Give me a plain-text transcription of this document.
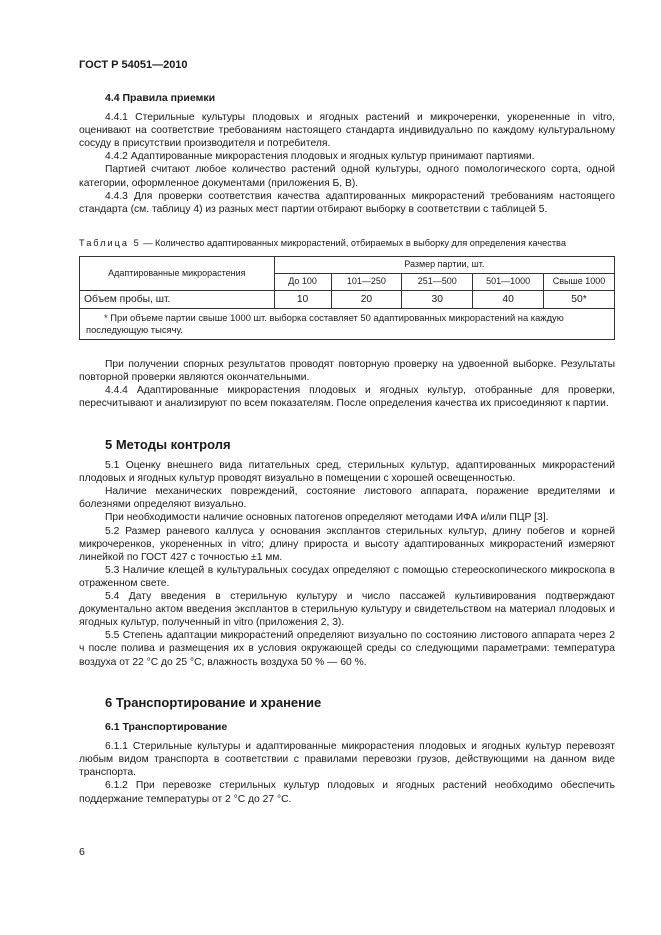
ГОСТ Р 54051—2010

4.4 Правила приемки

4.4.1 Стерильные культуры плодовых и ягодных растений и микрочеренки, укорененные in vitro, оценивают на соответствие требованиям настоящего стандарта индивидуально по каждому культуральному сосуду в присутствии производителя и потребителя.

4.4.2 Адаптированные микрорастения плодовых и ягодных культур принимают партиями.

Партией считают любое количество растений одной культуры, одного помологического сорта, одной категории, оформленное документами (приложения Б, В).

4.4.3 Для проверки соответствия качества адаптированных микрорастений требованиям настоящего стандарта (см. таблицу 4) из разных мест партии отбирают выборку в соответствии с таблицей 5.

Таблица 5 — Количество адаптированных микрорастений, отбираемых в выборку для определения качества
Адаптированные микрорастения	Размер партии, шт.				
	До 100	101—250	251—500	501—1000	Свыше 1000
Объем пробы, шт.	10	20	30	40	50*
* При объеме партии свыше 1000 шт. выборка составляет 50 адаптированных микрорастений на каждую последующую тысячу.					

При получении спорных результатов проводят повторную проверку на удвоенной выборке. Результаты повторной проверки являются окончательными.

4.4.4 Адаптированные микрорастения плодовых и ягодных культур, отобранные для проверки, пересчитывают и анализируют по всем показателям. После определения качества их присоединяют к партии.

5 Методы контроля

5.1 Оценку внешнего вида питательных сред, стерильных культур, адаптированных микрорастений плодовых и ягодных культур проводят визуально в помещении с хорошей освещенностью.

Наличие механических повреждений, состояние листового аппарата, поражение вредителями и болезнями определяют визуально.

При необходимости наличие основных патогенов определяют методами ИФА и/или ПЦР [3].

5.2 Размер раневого каллуса у основания эксплантов стерильных культур, длину побегов и корней микрочеренков, укорененных in vitro; длину прироста и высоту адаптированных микрорастений измеряют линейкой по ГОСТ 427 с точностью ±1 мм.

5.3 Наличие клещей в культуральных сосудах определяют с помощью стереоскопического микроскопа в отраженном свете.

5.4 Дату введения в стерильную культуру и число пассажей культивирования подтверждают документально актом введения эксплантов в стерильную культуру и свидетельством на материал плодовых и ягодных культур, полученный in vitro (приложения 2, 3).

5.5 Степень адаптации микрорастений определяют визуально по состоянию листового аппарата через 2 ч после полива и размещения их в условия окружающей среды со следующими параметрами: температура воздуха от 22 °С до 25 °С, влажность воздуха 50 % — 60 %.

6 Транспортирование и хранение

6.1 Транспортирование

6.1.1 Стерильные культуры и адаптированные микрорастения плодовых и ягодных культур перевозят любым видом транспорта в соответствии с правилами перевозки грузов, действующими на данном виде транспорта.

6.1.2 При перевозке стерильных культур плодовых и ягодных растений необходимо обеспечить поддержание температуры от 2 °С до 27 °С.

6
